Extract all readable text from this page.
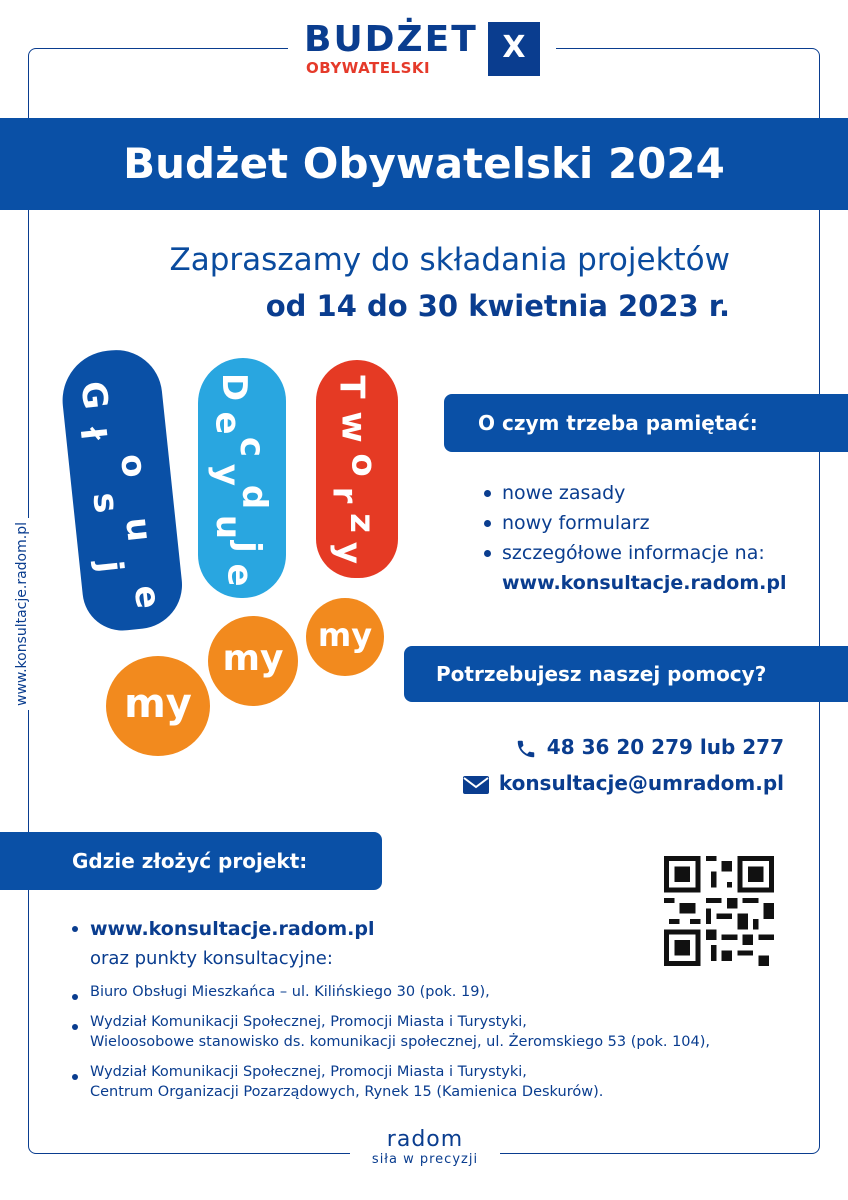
BUDŻET
OBYWATELSKI
X
Budżet Obywatelski 2024
Zapraszamy do składania projektów
od 14 do 30 kwietnia 2023 r.
www.konsultacje.radom.pl
G
ł
o
s
u
j
e
D
e
c
y
d
u
j
e
T
w
o
r
z
y
my
my
my
O czym trzeba pamiętać:
nowe zasady
nowy formularz
szczegółowe informacje na:
www.konsultacje.radom.pl
Potrzebujesz naszej pomocy?
48 36 20 279 lub 277
konsultacje@umradom.pl
Gdzie złożyć projekt:
www.konsultacje.radom.pl
oraz punkty konsultacyjne:
Biuro Obsługi Mieszkańca – ul. Kilińskiego 30 (pok. 19),
Wydział Komunikacji Społecznej, Promocji Miasta i Turystyki,
Wieloosobowe stanowisko ds. komunikacji społecznej, ul. Żeromskiego 53 (pok. 104),
Wydział Komunikacji Społecznej, Promocji Miasta i Turystyki,
Centrum Organizacji Pozarządowych, Rynek 15 (Kamienica Deskurów).
radom
siła w precyzji
